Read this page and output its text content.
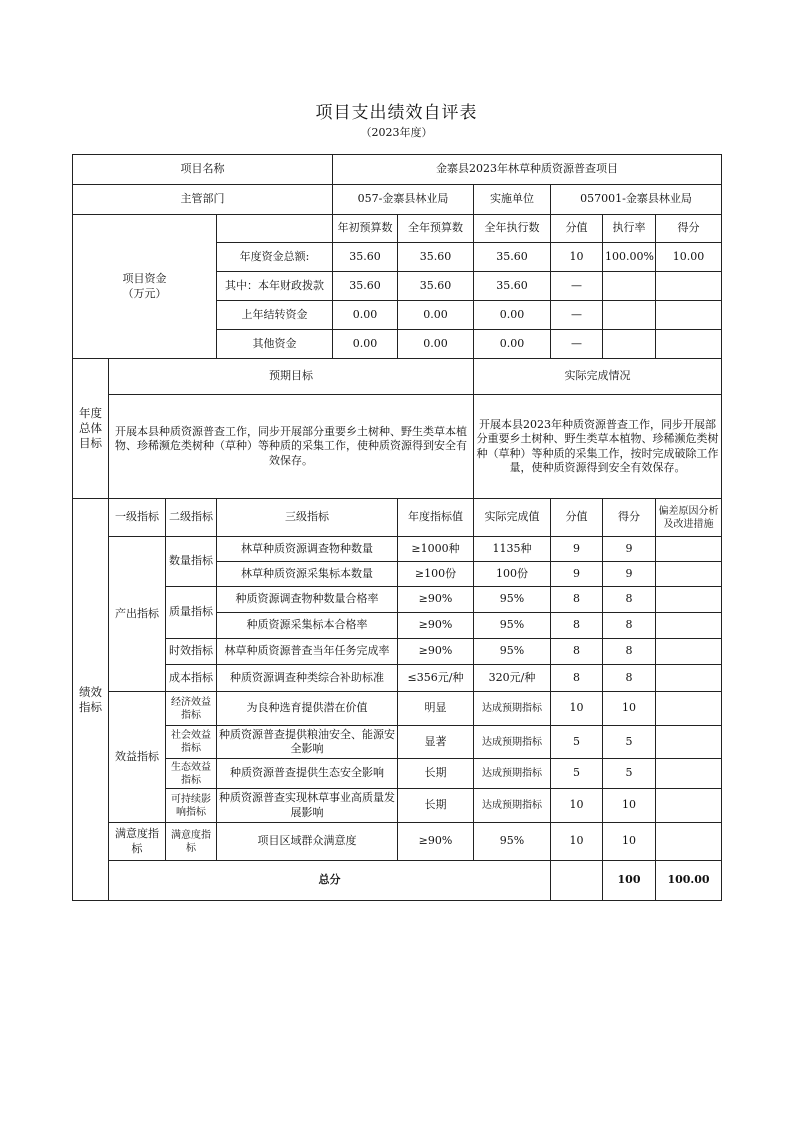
项目支出绩效自评表
（2023年度）
项目名称				金寨县2023年林草种质资源普查项目						
主管部门				057-金寨县林业局		实施单位	057001-金寨县林业局			

项目资金
（万元）				年初预算数	全年预算数	全年执行数	分值	执行率	得分	
			年度资金总额:	35.60	35.60	35.60	10	100.00%	10.00	
			其中：本年财政拨款	35.60	35.60	35.60	—			
			上年结转资金	0.00	0.00	0.00	—			
			其他资金	0.00	0.00	0.00	—			
年度总体目标	预期目标					实际完成情况				
	开展本县种质资源普查工作，同步开展部分重要乡土树种、野生类草本植物、珍稀濒危类树种（草种）等种质的采集工作，使种质资源得到安全有效保存。					开展本县2023年种质资源普查工作，同步开展部分重要乡土树种、野生类草本植物、珍稀濒危类树种（草种）等种质的采集工作，按时完成破除工作量，使种质资源得到安全有效保存。				
绩效指标	一级指标	二级指标	三级指标		年度指标值	实际完成值	分值	得分	偏差原因分析及改进措施	
	产出指标	数量指标	林草种质资源调查物种数量		≥1000种	1135种	9	9		
			林草种质资源采集标本数量		≥100份	100份	9	9		
		质量指标	种质资源调查物种数量合格率		≥90%	95%	8	8		
			种质资源采集标本合格率		≥90%	95%	8	8		
		时效指标	林草种质资源普查当年任务完成率		≥90%	95%	8	8		
		成本指标	种质资源调查种类综合补助标准		≤356元/种	320元/种	8	8		
	效益指标	经济效益指标	为良种选育提供潜在价值		明显	达成预期指标	10	10		
		社会效益指标	种质资源普查提供粮油安全、能源安全影响		显著	达成预期指标	5	5		
		生态效益指标	种质资源普查提供生态安全影响		长期	达成预期指标	5	5		
		可持续影响指标	种质资源普查实现林草事业高质量发展影响		长期	达成预期指标	10	10		
	满意度指标	满意度指标	项目区域群众满意度		≥90%	95%	10	10		
	总分							100	100.00	
